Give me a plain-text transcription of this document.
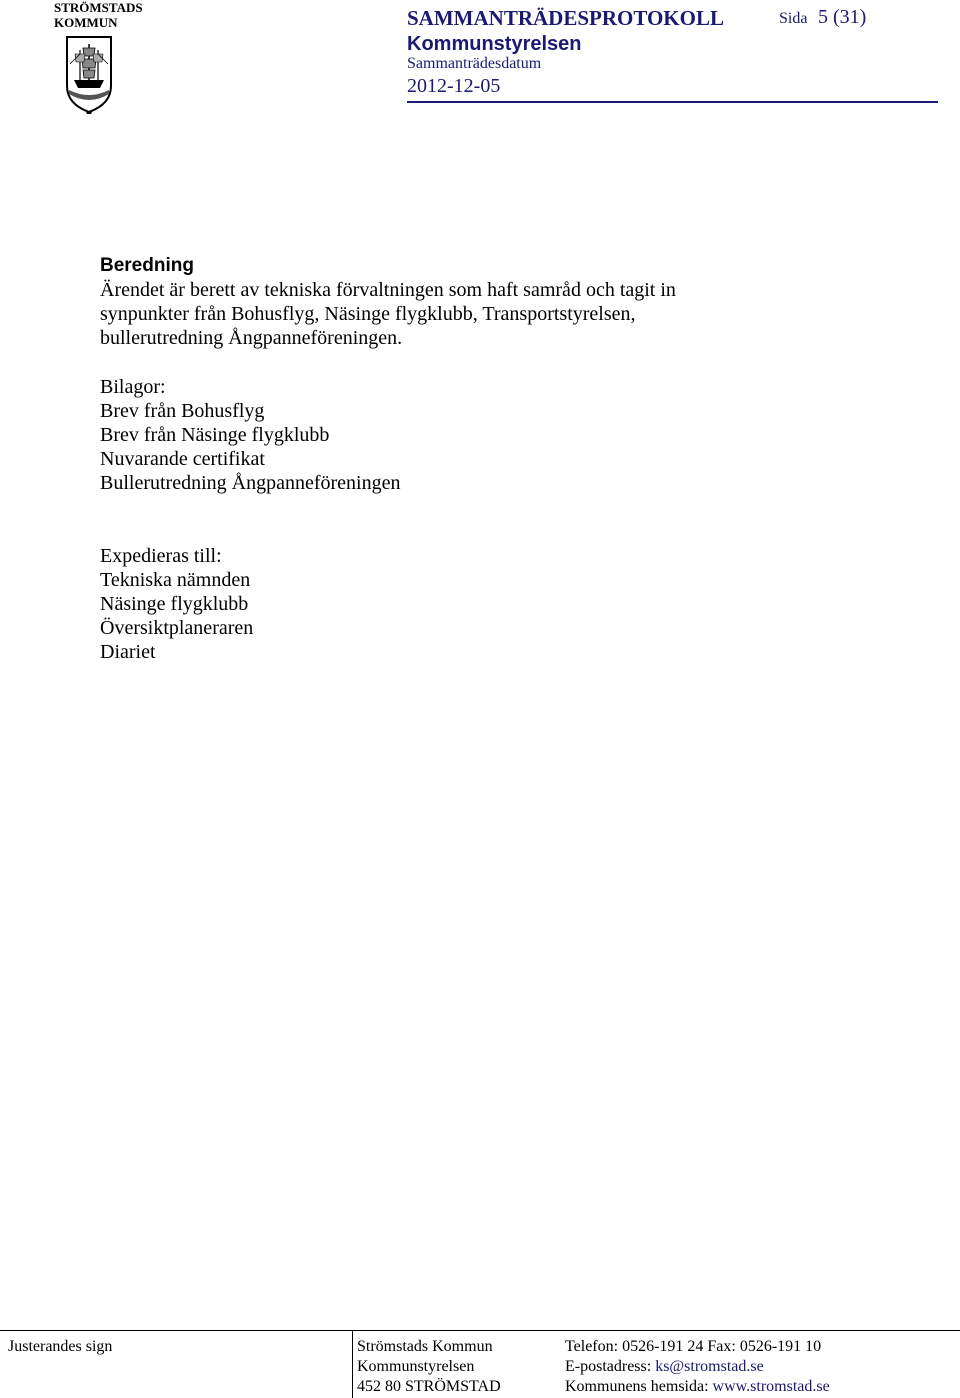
STRÖMSTADS
KOMMUN	SAMMANTRÄDESPROTOKOLL	Sida 5 (31)
Kommunstyrelsen
Sammanträdesdatum
2012-12-05
Beredning
Ärendet är berett av tekniska förvaltningen som haft samråd och tagit in
synpunkter från Bohusflyg, Näsinge flygklubb, Transportstyrelsen,
bullerutredning Ångpanneföreningen.
Bilagor:
Brev från Bohusflyg
Brev från Näsinge flygklubb
Nuvarande certifikat
Bullerutredning Ångpanneföreningen
Expedieras till:
Tekniska nämnden
Näsinge flygklubb
Översiktplaneraren
Diariet
Justerandes sign	Strömstads Kommun
Kommunstyrelsen
452 80 STRÖMSTAD
Telefon: 0526-191 24 Fax: 0526-191 10
E-postadress: ks@stromstad.se
Kommunens hemsida: www.stromstad.se
